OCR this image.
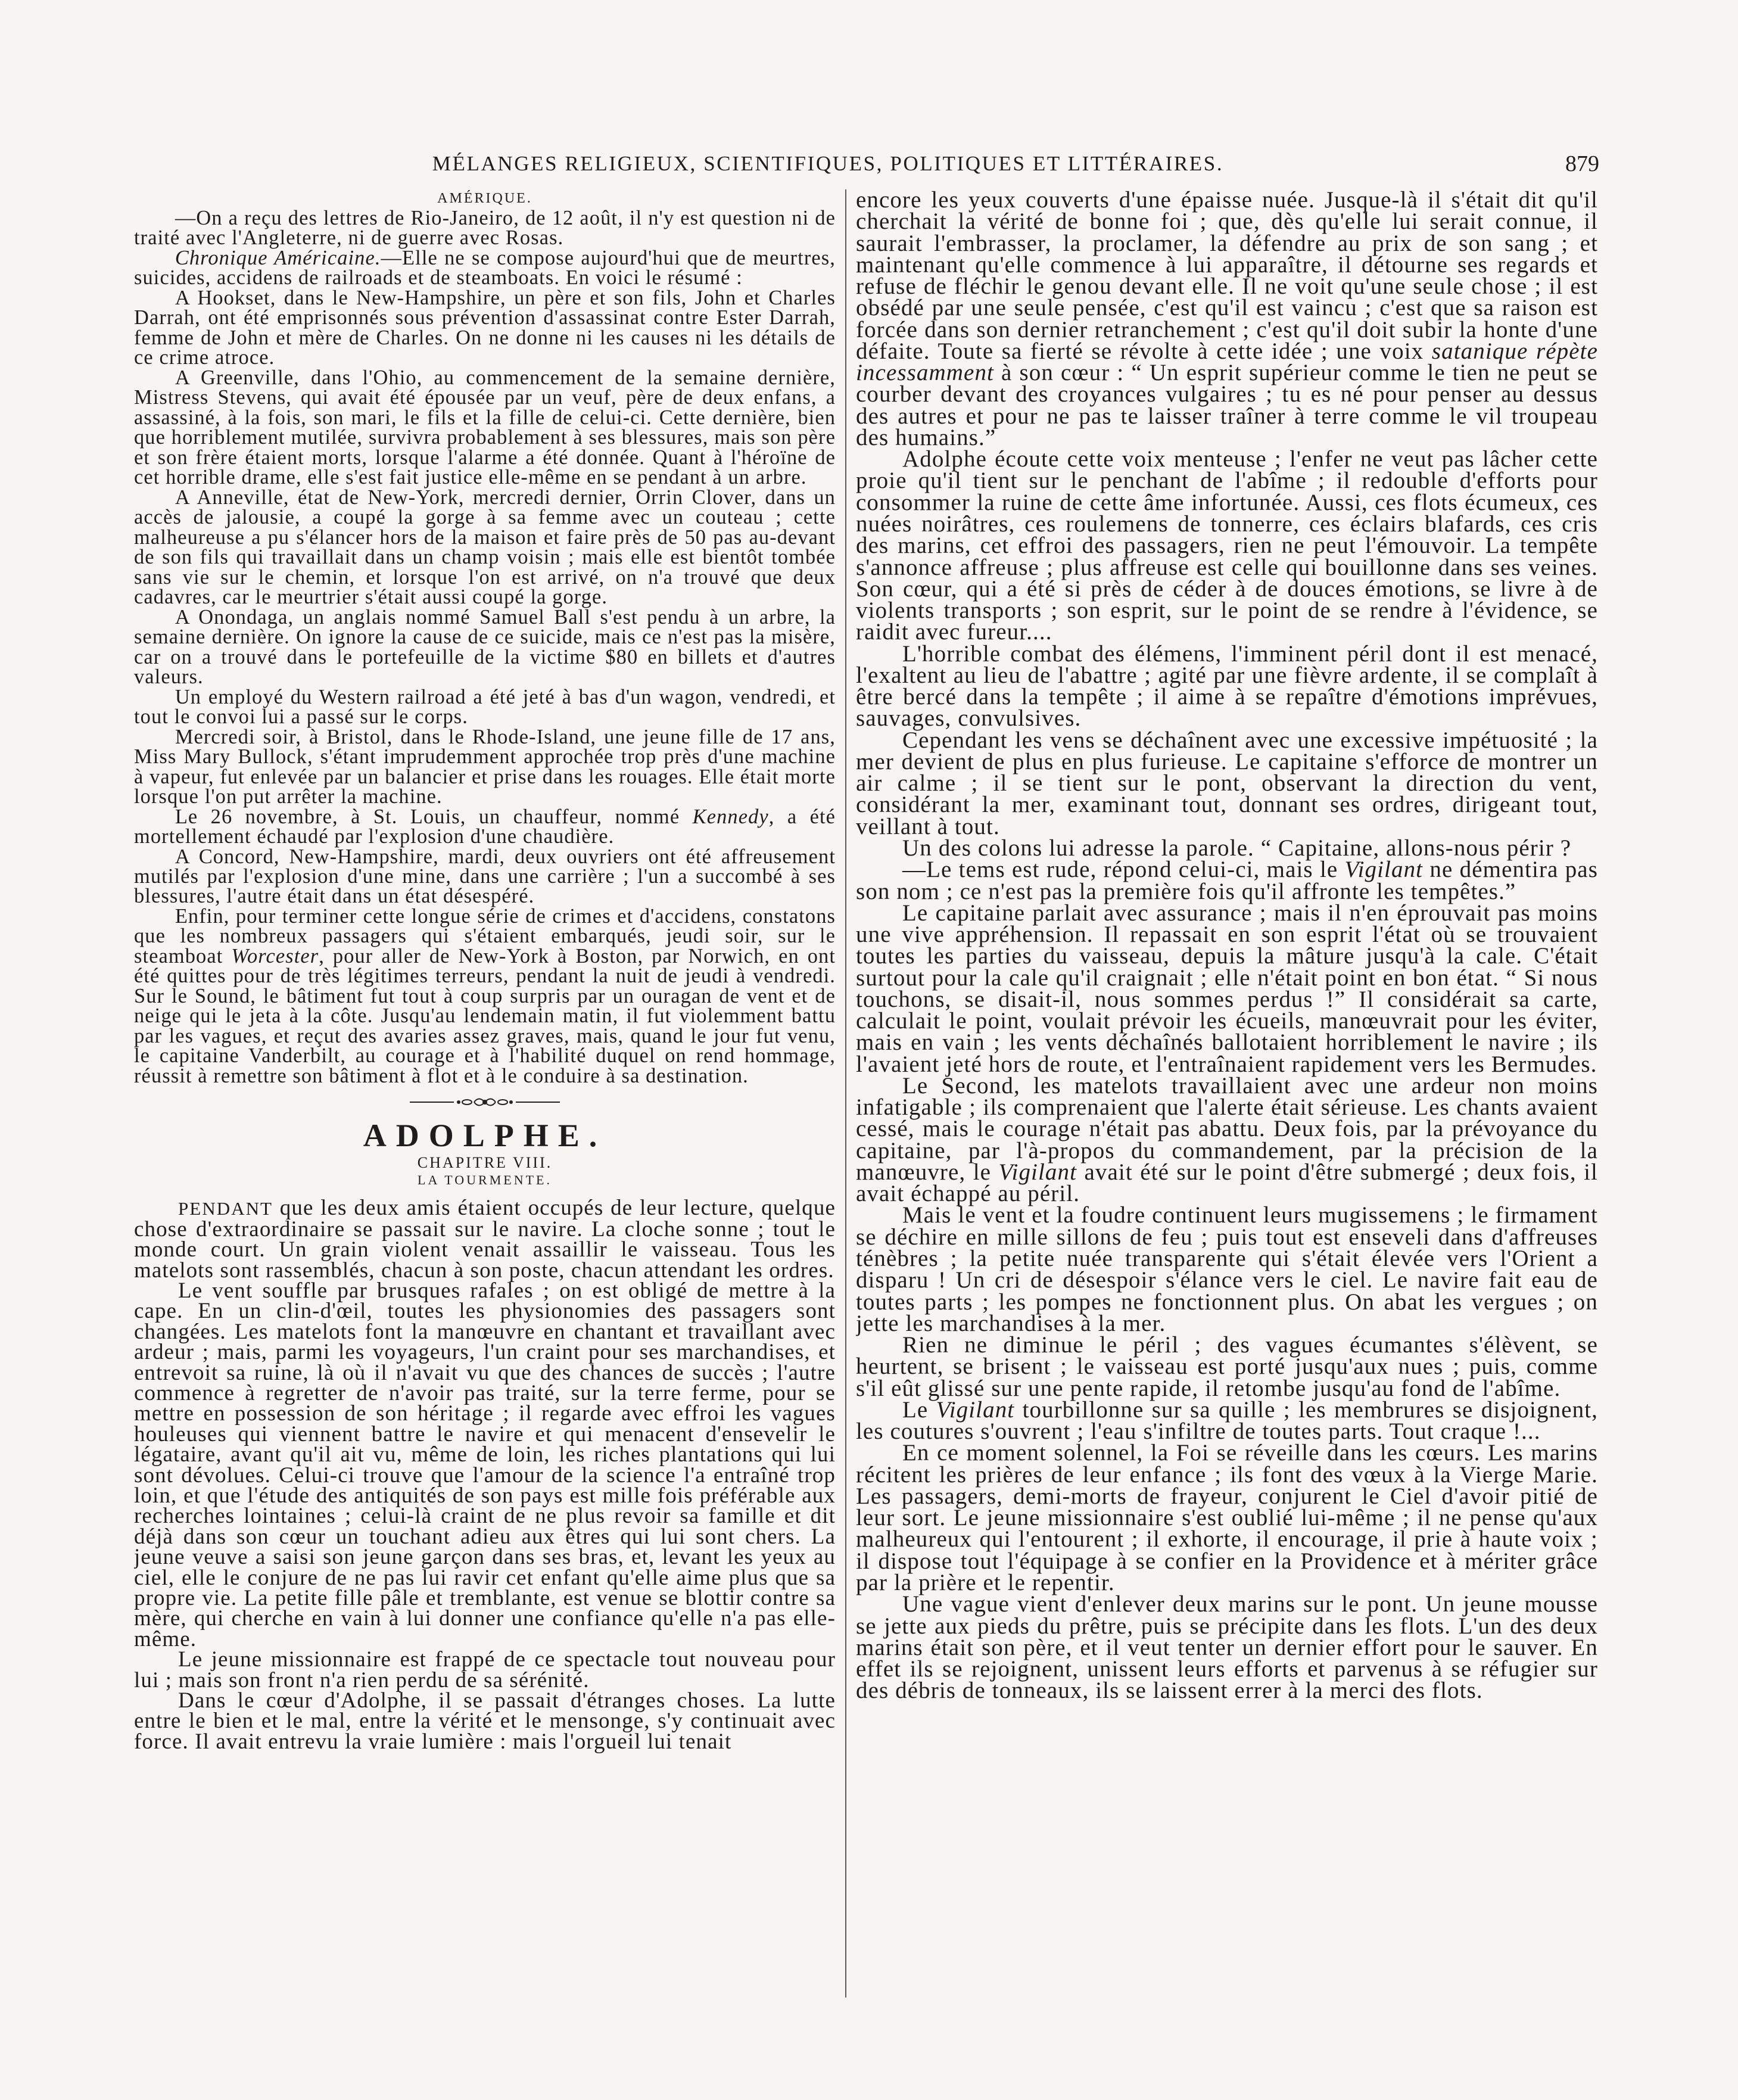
MÉLANGES RELIGIEUX, SCIENTIFIQUES, POLITIQUES ET LITTÉRAIRES.	879
AMÉRIQUE.

—On a reçu des lettres de Rio-Janeiro, de 12 août, il n'y est question ni de traité avec l'Angleterre, ni de guerre avec Rosas.

Chronique Américaine.—Elle ne se compose aujourd'hui que de meurtres, suicides, accidens de railroads et de steamboats. En voici le résumé :

A Hookset, dans le New-Hampshire, un père et son fils, John et Charles Darrah, ont été emprisonnés sous prévention d'assassinat contre Ester Darrah, femme de John et mère de Charles. On ne donne ni les causes ni les détails de ce crime atroce.

A Greenville, dans l'Ohio, au commencement de la semaine dernière, Mistress Stevens, qui avait été épousée par un veuf, père de deux enfans, a assassiné, à la fois, son mari, le fils et la fille de celui-ci. Cette dernière, bien que horriblement mutilée, survivra probablement à ses blessures, mais son père et son frère étaient morts, lorsque l'alarme a été donnée. Quant à l'héroïne de cet horrible drame, elle s'est fait justice elle-même en se pendant à un arbre.

A Anneville, état de New-York, mercredi dernier, Orrin Clover, dans un accès de jalousie, a coupé la gorge à sa femme avec un couteau ; cette malheureuse a pu s'élancer hors de la maison et faire près de 50 pas au-devant de son fils qui travaillait dans un champ voisin ; mais elle est bientôt tombée sans vie sur le chemin, et lorsque l'on est arrivé, on n'a trouvé que deux cadavres, car le meurtrier s'était aussi coupé la gorge.

A Onondaga, un anglais nommé Samuel Ball s'est pendu à un arbre, la semaine dernière. On ignore la cause de ce suicide, mais ce n'est pas la misère, car on a trouvé dans le portefeuille de la victime $80 en billets et d'autres valeurs.

Un employé du Western railroad a été jeté à bas d'un wagon, vendredi, et tout le convoi lui a passé sur le corps.

Mercredi soir, à Bristol, dans le Rhode-Island, une jeune fille de 17 ans, Miss Mary Bullock, s'étant imprudemment approchée trop près d'une machine à vapeur, fut enlevée par un balancier et prise dans les rouages. Elle était morte lorsque l'on put arrêter la machine.

Le 26 novembre, à St. Louis, un chauffeur, nommé Kennedy, a été mortellement échaudé par l'explosion d'une chaudière.

A Concord, New-Hampshire, mardi, deux ouvriers ont été affreusement mutilés par l'explosion d'une mine, dans une carrière ; l'un a succombé à ses blessures, l'autre était dans un état désespéré.

Enfin, pour terminer cette longue série de crimes et d'accidens, constatons que les nombreux passagers qui s'étaient embarqués, jeudi soir, sur le steamboat Worcester, pour aller de New-York à Boston, par Norwich, en ont été quittes pour de très légitimes terreurs, pendant la nuit de jeudi à vendredi. Sur le Sound, le bâtiment fut tout à coup surpris par un ouragan de vent et de neige qui le jeta à la côte. Jusqu'au lendemain matin, il fut violemment battu par les vagues, et reçut des avaries assez graves, mais, quand le jour fut venu, le capitaine Vanderbilt, au courage et à l'habilité duquel on rend hommage, réussit à remettre son bâtiment à flot et à le conduire à sa destination.

ADOLPHE.
CHAPITRE VIII.
LA TOURMENTE.

PENDANT que les deux amis étaient occupés de leur lecture, quelque chose d'extraordinaire se passait sur le navire. La cloche sonne ; tout le monde court. Un grain violent venait assaillir le vaisseau. Tous les matelots sont rassemblés, chacun à son poste, chacun attendant les ordres.

Le vent souffle par brusques rafales ; on est obligé de mettre à la cape. En un clin-d'œil, toutes les physionomies des passagers sont changées. Les matelots font la manœuvre en chantant et travaillant avec ardeur ; mais, parmi les voyageurs, l'un craint pour ses marchandises, et entrevoit sa ruine, là où il n'avait vu que des chances de succès ; l'autre commence à regretter de n'avoir pas traité, sur la terre ferme, pour se mettre en possession de son héritage ; il regarde avec effroi les vagues houleuses qui viennent battre le navire et qui menacent d'ensevelir le légataire, avant qu'il ait vu, même de loin, les riches plantations qui lui sont dévolues. Celui-ci trouve que l'amour de la science l'a entraîné trop loin, et que l'étude des antiquités de son pays est mille fois préférable aux recherches lointaines ; celui-là craint de ne plus revoir sa famille et dit déjà dans son cœur un touchant adieu aux êtres qui lui sont chers. La jeune veuve a saisi son jeune garçon dans ses bras, et, levant les yeux au ciel, elle le conjure de ne pas lui ravir cet enfant qu'elle aime plus que sa propre vie. La petite fille pâle et tremblante, est venue se blottir contre sa mère, qui cherche en vain à lui donner une confiance qu'elle n'a pas elle-même.

Le jeune missionnaire est frappé de ce spectacle tout nouveau pour lui ; mais son front n'a rien perdu de sa sérénité.

Dans le cœur d'Adolphe, il se passait d'étranges choses. La lutte entre le bien et le mal, entre la vérité et le mensonge, s'y continuait avec force. Il avait entrevu la vraie lumière : mais l'orgueil lui tenait

encore les yeux couverts d'une épaisse nuée. Jusque-là il s'était dit qu'il cherchait la vérité de bonne foi ; que, dès qu'elle lui serait connue, il saurait l'embrasser, la proclamer, la défendre au prix de son sang ; et maintenant qu'elle commence à lui apparaître, il détourne ses regards et refuse de fléchir le genou devant elle. Il ne voit qu'une seule chose ; il est obsédé par une seule pensée, c'est qu'il est vaincu ; c'est que sa raison est forcée dans son dernier retranchement ; c'est qu'il doit subir la honte d'une défaite. Toute sa fierté se révolte à cette idée ; une voix satanique répète incessamment à son cœur : “ Un esprit supérieur comme le tien ne peut se courber devant des croyances vulgaires ; tu es né pour penser au dessus des autres et pour ne pas te laisser traîner à terre comme le vil troupeau des humains.”

Adolphe écoute cette voix menteuse ; l'enfer ne veut pas lâcher cette proie qu'il tient sur le penchant de l'abîme ; il redouble d'efforts pour consommer la ruine de cette âme infortunée. Aussi, ces flots écumeux, ces nuées noirâtres, ces roulemens de tonnerre, ces éclairs blafards, ces cris des marins, cet effroi des passagers, rien ne peut l'émouvoir. La tempête s'annonce affreuse ; plus affreuse est celle qui bouillonne dans ses veines. Son cœur, qui a été si près de céder à de douces émotions, se livre à de violents transports ; son esprit, sur le point de se rendre à l'évidence, se raidit avec fureur....

L'horrible combat des élémens, l'imminent péril dont il est menacé, l'exaltent au lieu de l'abattre ; agité par une fièvre ardente, il se complaît à être bercé dans la tempête ; il aime à se repaître d'émotions imprévues, sauvages, convulsives.

Cependant les vens se déchaînent avec une excessive impétuosité ; la mer devient de plus en plus furieuse. Le capitaine s'efforce de montrer un air calme ; il se tient sur le pont, observant la direction du vent, considérant la mer, examinant tout, donnant ses ordres, dirigeant tout, veillant à tout.

Un des colons lui adresse la parole. “ Capitaine, allons-nous périr ?

—Le tems est rude, répond celui-ci, mais le Vigilant ne démentira pas son nom ; ce n'est pas la première fois qu'il affronte les tempêtes.”

Le capitaine parlait avec assurance ; mais il n'en éprouvait pas moins une vive appréhension. Il repassait en son esprit l'état où se trouvaient toutes les parties du vaisseau, depuis la mâture jusqu'à la cale. C'était surtout pour la cale qu'il craignait ; elle n'était point en bon état. “ Si nous touchons, se disait-il, nous sommes perdus !” Il considérait sa carte, calculait le point, voulait prévoir les écueils, manœuvrait pour les éviter, mais en vain ; les vents déchaînés ballotaient horriblement le navire ; ils l'avaient jeté hors de route, et l'entraînaient rapidement vers les Bermudes.

Le Second, les matelots travaillaient avec une ardeur non moins infatigable ; ils comprenaient que l'alerte était sérieuse. Les chants avaient cessé, mais le courage n'était pas abattu. Deux fois, par la prévoyance du capitaine, par l'à-propos du commandement, par la précision de la manœuvre, le Vigilant avait été sur le point d'être submergé ; deux fois, il avait échappé au péril.

Mais le vent et la foudre continuent leurs mugissemens ; le firmament se déchire en mille sillons de feu ; puis tout est enseveli dans d'affreuses ténèbres ; la petite nuée transparente qui s'était élevée vers l'Orient a disparu ! Un cri de désespoir s'élance vers le ciel. Le navire fait eau de toutes parts ; les pompes ne fonctionnent plus. On abat les vergues ; on jette les marchandises à la mer.

Rien ne diminue le péril ; des vagues écumantes s'élèvent, se heurtent, se brisent ; le vaisseau est porté jusqu'aux nues ; puis, comme s'il eût glissé sur une pente rapide, il retombe jusqu'au fond de l'abîme.

Le Vigilant tourbillonne sur sa quille ; les membrures se disjoignent, les coutures s'ouvrent ; l'eau s'infiltre de toutes parts. Tout craque !...

En ce moment solennel, la Foi se réveille dans les cœurs. Les marins récitent les prières de leur enfance ; ils font des vœux à la Vierge Marie. Les passagers, demi-morts de frayeur, conjurent le Ciel d'avoir pitié de leur sort. Le jeune missionnaire s'est oublié lui-même ; il ne pense qu'aux malheureux qui l'entourent ; il exhorte, il encourage, il prie à haute voix ; il dispose tout l'équipage à se confier en la Providence et à mériter grâce par la prière et le repentir.

Une vague vient d'enlever deux marins sur le pont. Un jeune mousse se jette aux pieds du prêtre, puis se précipite dans les flots. L'un des deux marins était son père, et il veut tenter un dernier effort pour le sauver. En effet ils se rejoignent, unissent leurs efforts et parvenus à se réfugier sur des débris de tonneaux, ils se laissent errer à la merci des flots.
